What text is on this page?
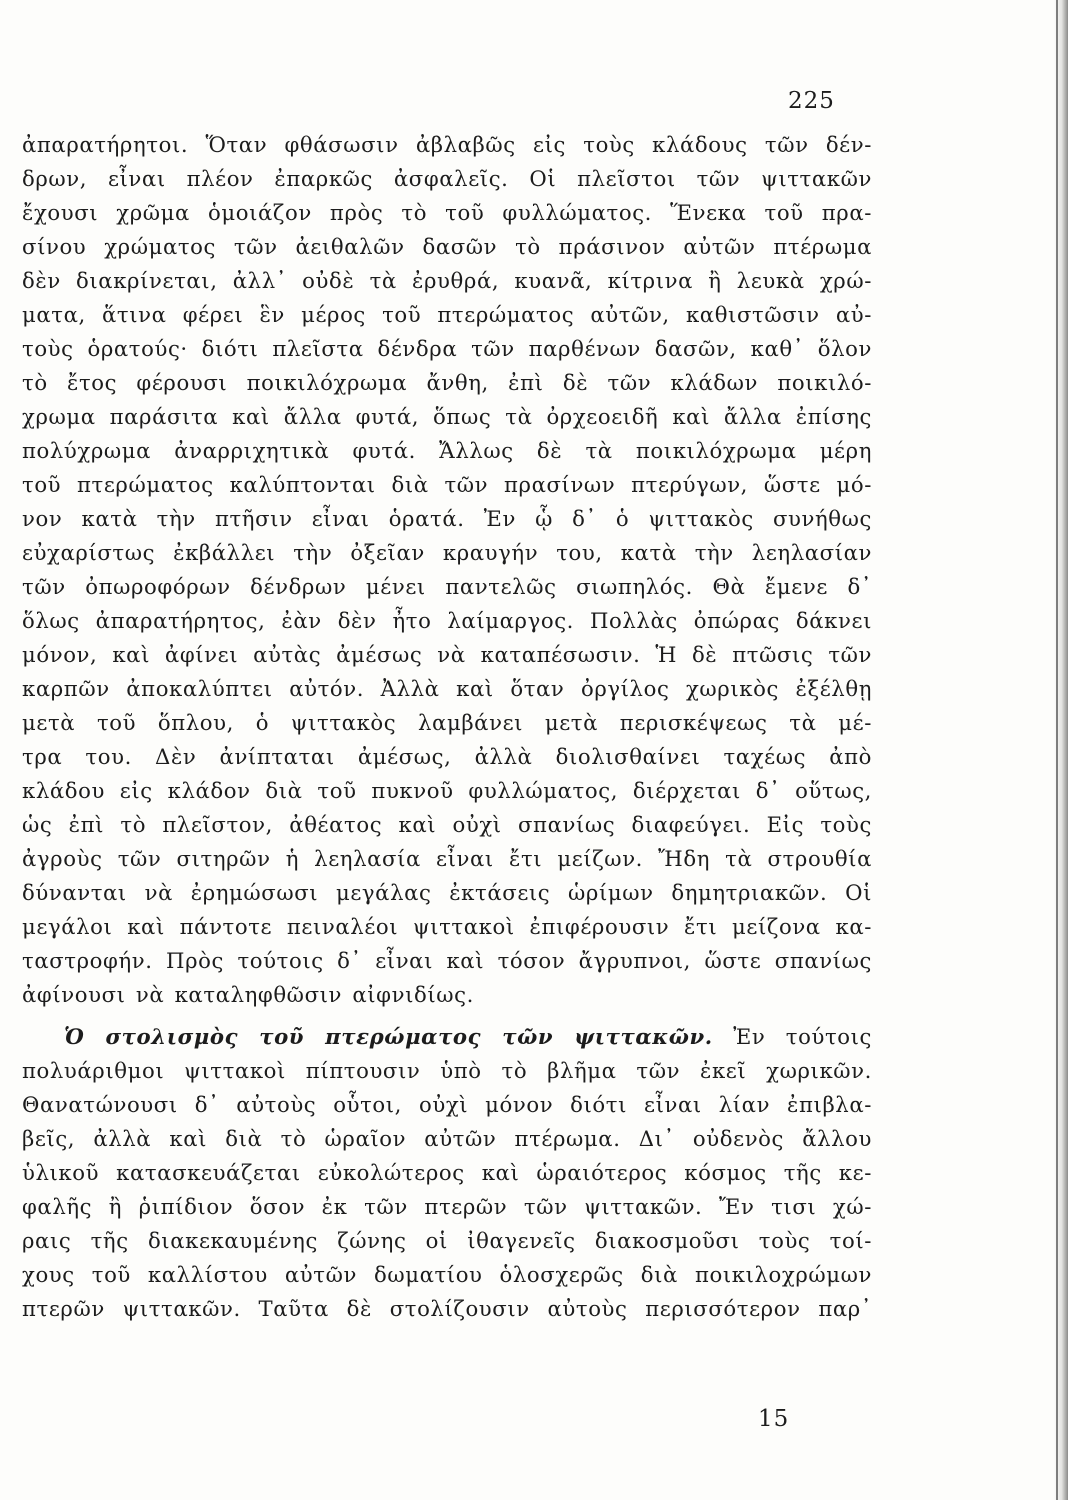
225
ἀπαρατήρητοι. Ὅταν φθάσωσιν ἀβλαβῶς εἰς τοὺς κλάδους τῶν δέν-
δρων, εἶναι πλέον ἐπαρκῶς ἀσφαλεῖς. Οἱ πλεῖστοι τῶν ψιττακῶν
ἔχουσι χρῶμα ὁμοιάζον πρὸς τὸ τοῦ φυλλώματος. Ἕνεκα τοῦ πρα-
σίνου χρώματος τῶν ἀειθαλῶν δασῶν τὸ πράσινον αὐτῶν πτέρωμα
δὲν διακρίνεται, ἀλλ᾽ οὐδὲ τὰ ἐρυθρά, κυανᾶ, κίτρινα ἢ λευκὰ χρώ-
ματα, ἅτινα φέρει ἓν μέρος τοῦ πτερώματος αὐτῶν, καθιστῶσιν αὐ-
τοὺς ὁρατούς· διότι πλεῖστα δένδρα τῶν παρθένων δασῶν, καθ᾽ ὅλον
τὸ ἔτος φέρουσι ποικιλόχρωμα ἄνθη, ἐπὶ δὲ τῶν κλάδων ποικιλό-
χρωμα παράσιτα καὶ ἄλλα φυτά, ὅπως τὰ ὀρχεοειδῆ καὶ ἄλλα ἐπίσης
πολύχρωμα ἀναρριχητικὰ φυτά. Ἄλλως δὲ τὰ ποικιλόχρωμα μέρη
τοῦ πτερώματος καλύπτονται διὰ τῶν πρασίνων πτερύγων, ὥστε μό-
νον κατὰ τὴν πτῆσιν εἶναι ὁρατά. Ἐν ᾧ δ᾽ ὁ ψιττακὸς συνήθως
εὐχαρίστως ἐκβάλλει τὴν ὀξεῖαν κραυγήν του, κατὰ τὴν λεηλασίαν
τῶν ὀπωροφόρων δένδρων μένει παντελῶς σιωπηλός. Θὰ ἔμενε δ᾽
ὅλως ἀπαρατήρητος, ἐὰν δὲν ἦτο λαίμαργος. Πολλὰς ὀπώρας δάκνει
μόνον, καὶ ἀφίνει αὐτὰς ἀμέσως νὰ καταπέσωσιν. Ἡ δὲ πτῶσις τῶν
καρπῶν ἀποκαλύπτει αὐτόν. Ἀλλὰ καὶ ὅταν ὀργίλος χωρικὸς ἐξέλθῃ
μετὰ τοῦ ὅπλου, ὁ ψιττακὸς λαμβάνει μετὰ περισκέψεως τὰ μέ-
τρα του. Δὲν ἀνίπταται ἀμέσως, ἀλλὰ διολισθαίνει ταχέως ἀπὸ
κλάδου εἰς κλάδον διὰ τοῦ πυκνοῦ φυλλώματος, διέρχεται δ᾽ οὕτως,
ὡς ἐπὶ τὸ πλεῖστον, ἀθέατος καὶ οὐχὶ σπανίως διαφεύγει. Εἰς τοὺς
ἀγροὺς τῶν σιτηρῶν ἡ λεηλασία εἶναι ἔτι μείζων. Ἤδη τὰ στρουθία
δύνανται νὰ ἐρημώσωσι μεγάλας ἐκτάσεις ὡρίμων δημητριακῶν. Οἱ
μεγάλοι καὶ πάντοτε πειναλέοι ψιττακοὶ ἐπιφέρουσιν ἔτι μείζονα κα-
ταστροφήν. Πρὸς τούτοις δ᾽ εἶναι καὶ τόσον ἄγρυπνοι, ὥστε σπανίως
ἀφίνουσι νὰ καταληφθῶσιν αἰφνιδίως.
Ὁ στολισμὸς τοῦ πτερώματος τῶν ψιττακῶν. Ἐν τούτοις
πολυάριθμοι ψιττακοὶ πίπτουσιν ὑπὸ τὸ βλῆμα τῶν ἐκεῖ χωρικῶν.
Θανατώνουσι δ᾽ αὐτοὺς οὗτοι, οὐχὶ μόνον διότι εἶναι λίαν ἐπιβλα-
βεῖς, ἀλλὰ καὶ διὰ τὸ ὡραῖον αὐτῶν πτέρωμα. Δι᾽ οὐδενὸς ἄλλου
ὑλικοῦ κατασκευάζεται εὐκολώτερος καὶ ὡραιότερος κόσμος τῆς κε-
φαλῆς ἢ ῥιπίδιον ὅσον ἐκ τῶν πτερῶν τῶν ψιττακῶν. Ἔν τισι χώ-
ραις τῆς διακεκαυμένης ζώνης οἱ ἰθαγενεῖς διακοσμοῦσι τοὺς τοί-
χους τοῦ καλλίστου αὐτῶν δωματίου ὁλοσχερῶς διὰ ποικιλοχρώμων
πτερῶν ψιττακῶν. Ταῦτα δὲ στολίζουσιν αὐτοὺς περισσότερον παρ᾽
15
